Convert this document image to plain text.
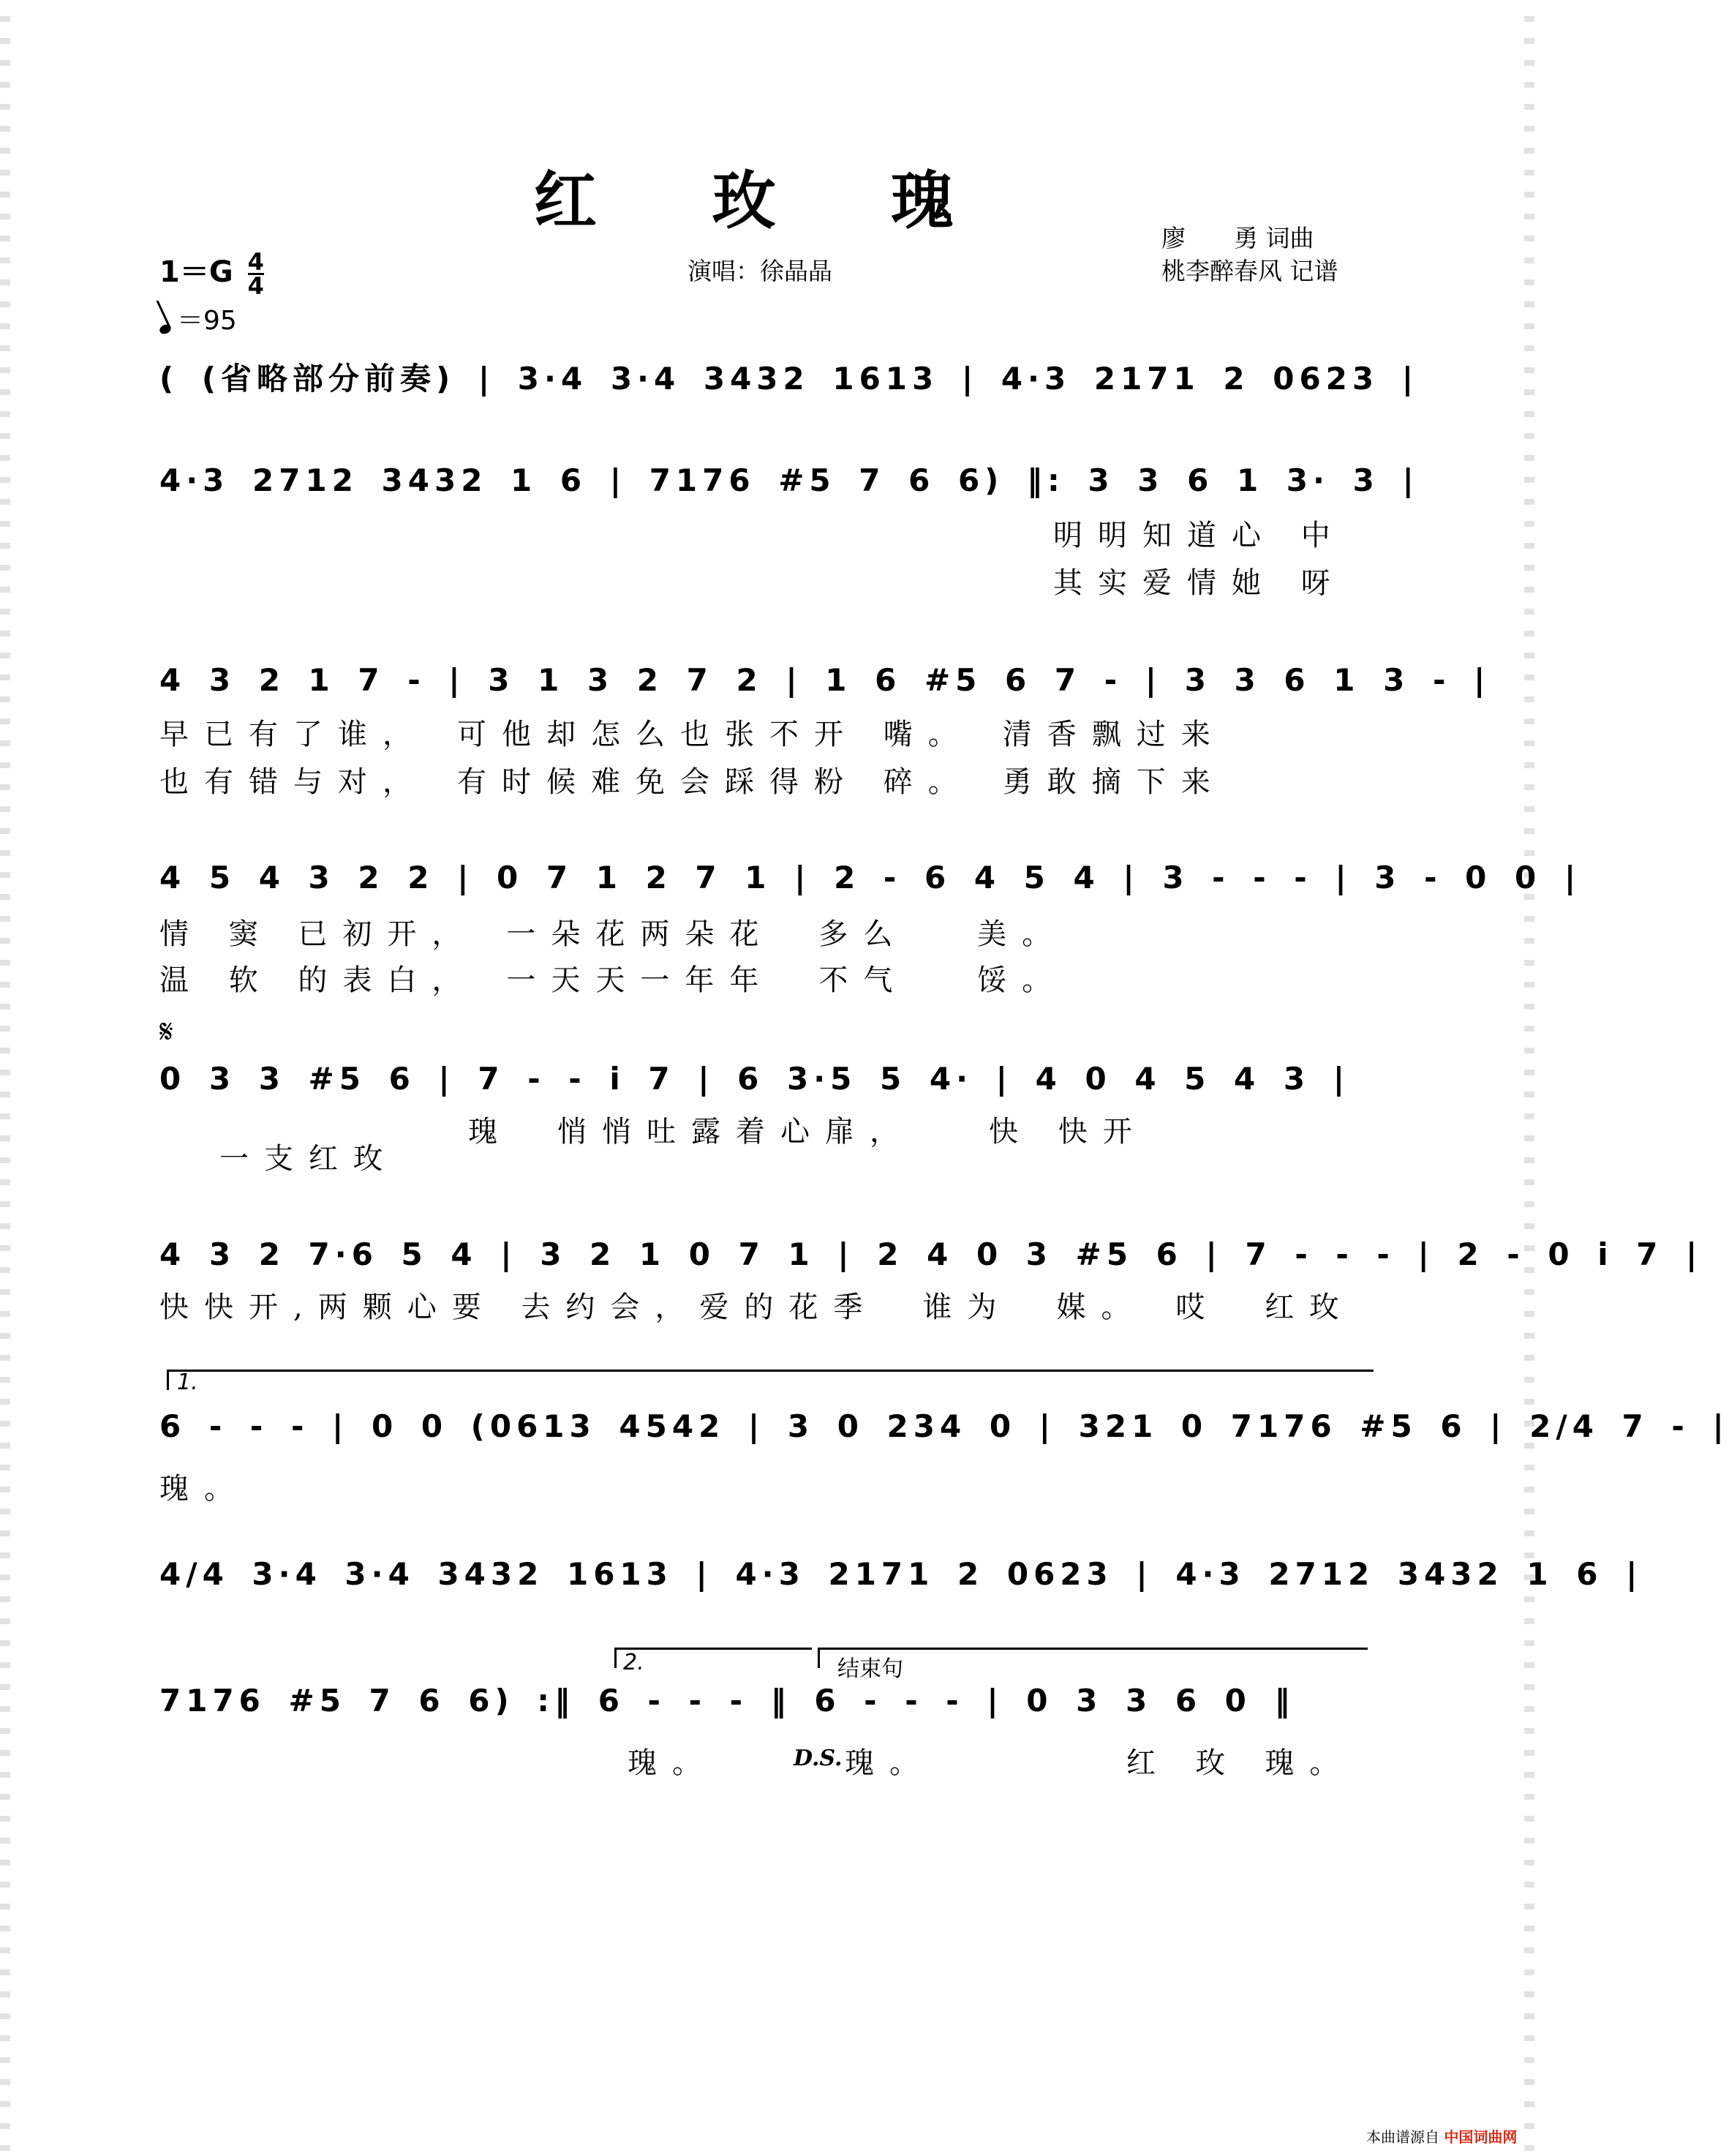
红 玫 瑰
演唱：徐晶晶
廖　　勇 词曲
桃李醉春风 记谱
$1=G \frac{4}{4}$
＝95
( (省略部分前奏) | 3·4 3·4 3432 1613 | 4·3 2171 2 0623 |
4·3 2712 3432 1 6 | 7176 #5 7 6 6) ‖: 3 3 6 1 3· 3 |
明明知道心 中
其实爱情她 呀
4 3 2 1 7 - | 3 1 3 2 7 2 | 1 6 #5 6 7 - | 3 3 6 1 3 - |
早已有了谁，　可他却怎么也张不开 嘴。　清香飘过来
也有错与对，　有时候难免会踩得粉 碎。　勇敢摘下来
4 5 4 3 2 2 | 0 7 1 2 7 1 | 2 - 6 4 5 4 | 3 - - - | 3 - 0 0 |
情 窦 已初开，　一朵花两朵花　多么　 美。
温 软 的表白，　一天天一年年　不气　 馁。
𝄋
0 3 3 #5 6 | 7 - - i 7 | 6 3·5 5 4· | 4 0 4 5 4 3 |
瑰　悄悄吐露着心扉，　　快 快开
一支红玫
4 3 2 7·6 5 4 | 3 2 1 0 7 1 | 2 4 0 3 #5 6 | 7 - - - | 2 - 0 i 7 |
快快开,两颗心要 去约会，爱的花季　谁为　媒。　哎　红玫
1.
6 - - - | 0 0 (0613 4542 | 3 0 234 0 | 321 0 7176 #5 6 | 2/4 7 - |
瑰。
4/4 3·4 3·4 3432 1613 | 4·3 2171 2 0623 | 4·3 2712 3432 1 6 |
2.	结束句
7176 #5 7 6 6) :‖ 6 - - - ‖ 6 - - - | 0 3 3 6 0 ‖
瑰。	D.S. 瑰。	红 玫 瑰。
本曲谱源自 中国词曲网
